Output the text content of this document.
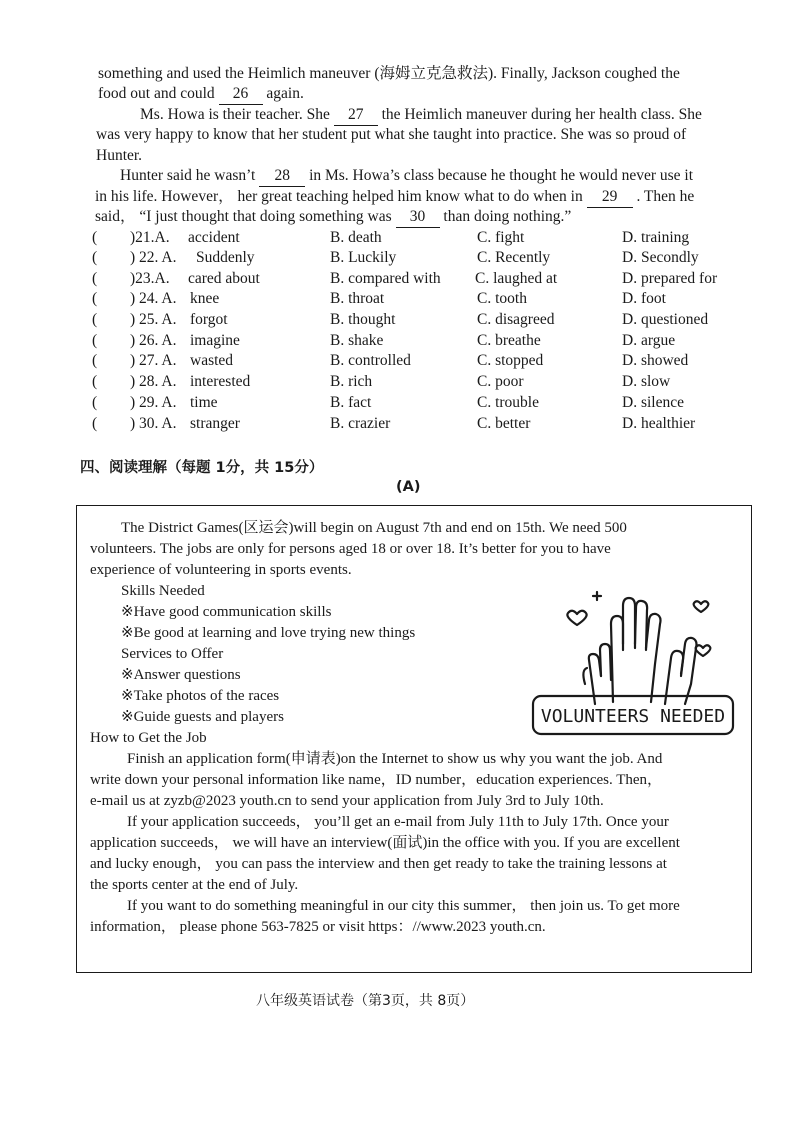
something and used the Heimlich maneuver (海姆立克急救法). Finally, Jackson coughed the
food out and could 26 again.
Ms. Howa is their teacher. She 27 the Heimlich maneuver during her health class. She
was very happy to know that her student put what she taught into practice. She was so proud of
Hunter.
Hunter said he wasn’t 28 in Ms. Howa’s class because he thought he would never use it
in his life. However， her great teaching helped him know what to do when in 29 . Then he
said， “I just thought that doing something was 30 than doing nothing.”
( )21.A. accident	B. death	C. fight	D. training
( ) 22. A. Suddenly	B. Luckily	C. Recently	D. Secondly
( )23.A. cared about	B. compared with C. laughed at	D. prepared for
( ) 24. A. knee	B. throat	C. tooth	D. foot
( ) 25. A. forgot	B. thought	C. disagreed	D. questioned
( ) 26. A. imagine	B. shake	C. breathe	D. argue
( ) 27. A. wasted	B. controlled	C. stopped	D. showed
( ) 28. A. interested	B. rich	C. poor	D. slow
( ) 29. A. time	B. fact	C. trouble	D. silence
( ) 30. A. stranger	B. crazier	C. better	D. healthier
四、阅读理解（每题 1分，共 15分）
(A)
The District Games(区运会)will begin on August 7th and end on 15th. We need 500
volunteers. The jobs are only for persons aged 18 or over 18. It’s better for you to have
experience of volunteering in sports events.
Skills Needed
※Have good communication skills
※Be good at learning and love trying new things
Services to Offer
※Answer questions
※Take photos of the races
※Guide guests and players
How to Get the Job
Finish an application form(申请表)on the Internet to show us why you want the job. And
write down your personal information like name，ID number，education experiences. Then，
e-mail us at zyzb@2023 youth.cn to send your application from July 3rd to July 10th.
If your application succeeds， you’ll get an e-mail from July 11th to July 17th. Once your
application succeeds， we will have an interview(面试)in the office with you. If you are excellent
and lucky enough， you can pass the interview and then get ready to take the training lessons at
the sports center at the end of July.
If you want to do something meaningful in our city this summer， then join us. To get more
information， please phone 563-7825 or visit https：//www.2023 youth.cn.
VOLUNTEERS NEEDED
八年级英语试卷（第3页，共 8页）
